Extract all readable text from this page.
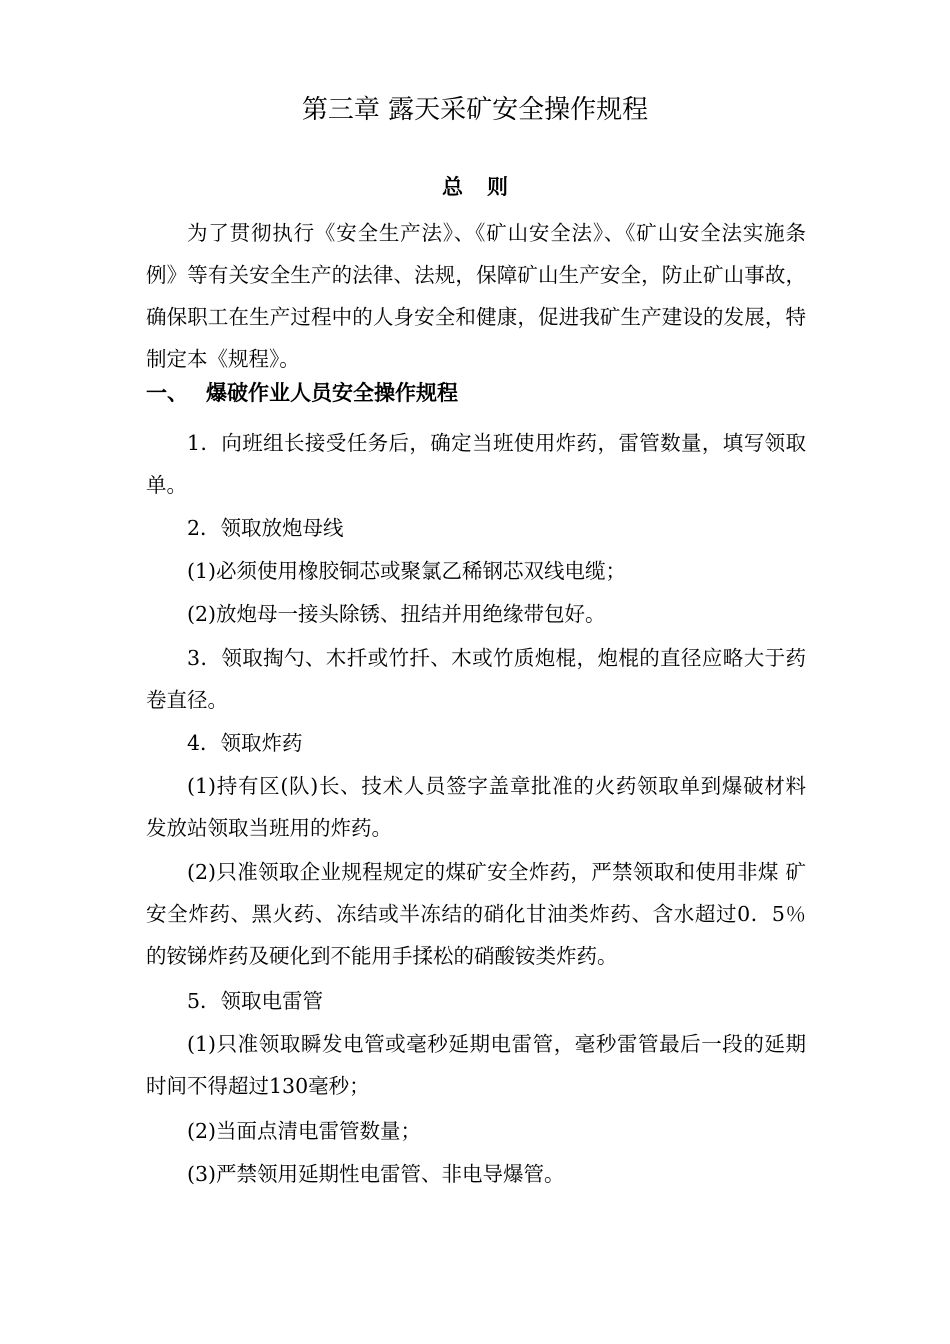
第三章 露天采矿安全操作规程
总则

为了贯彻执行《安全生产法》、《矿山安全法》、《矿山安全法实施条例》等有关安全生产的法律、法规，保障矿山生产安全，防止矿山事故，确保职工在生产过程中的人身安全和健康，促进我矿生产建设的发展，特制定本《规程》。

一、 爆破作业人员安全操作规程

1．向班组长接受任务后，确定当班使用炸药，雷管数量，填写领取单。

2．领取放炮母线

(1)必须使用橡胶铜芯或聚氯乙稀钢芯双线电缆；

(2)放炮母一接头除锈、扭结并用绝缘带包好。

3．领取掏勺、木扦或竹扦、木或竹质炮棍，炮棍的直径应略大于药卷直径。

4．领取炸药

(1)持有区(队)长、技术人员签字盖章批准的火药领取单到爆破材料发放站领取当班用的炸药。

(2)只准领取企业规程规定的煤矿安全炸药，严禁领取和使用非煤 矿安全炸药、黑火药、冻结或半冻结的硝化甘油类炸药、含水超过0．5％ 的铵锑炸药及硬化到不能用手揉松的硝酸铵类炸药。

5．领取电雷管

(1)只准领取瞬发电管或毫秒延期电雷管，毫秒雷管最后一段的延期时间不得超过130毫秒；

(2)当面点清电雷管数量；

(3)严禁领用延期性电雷管、非电导爆管。
